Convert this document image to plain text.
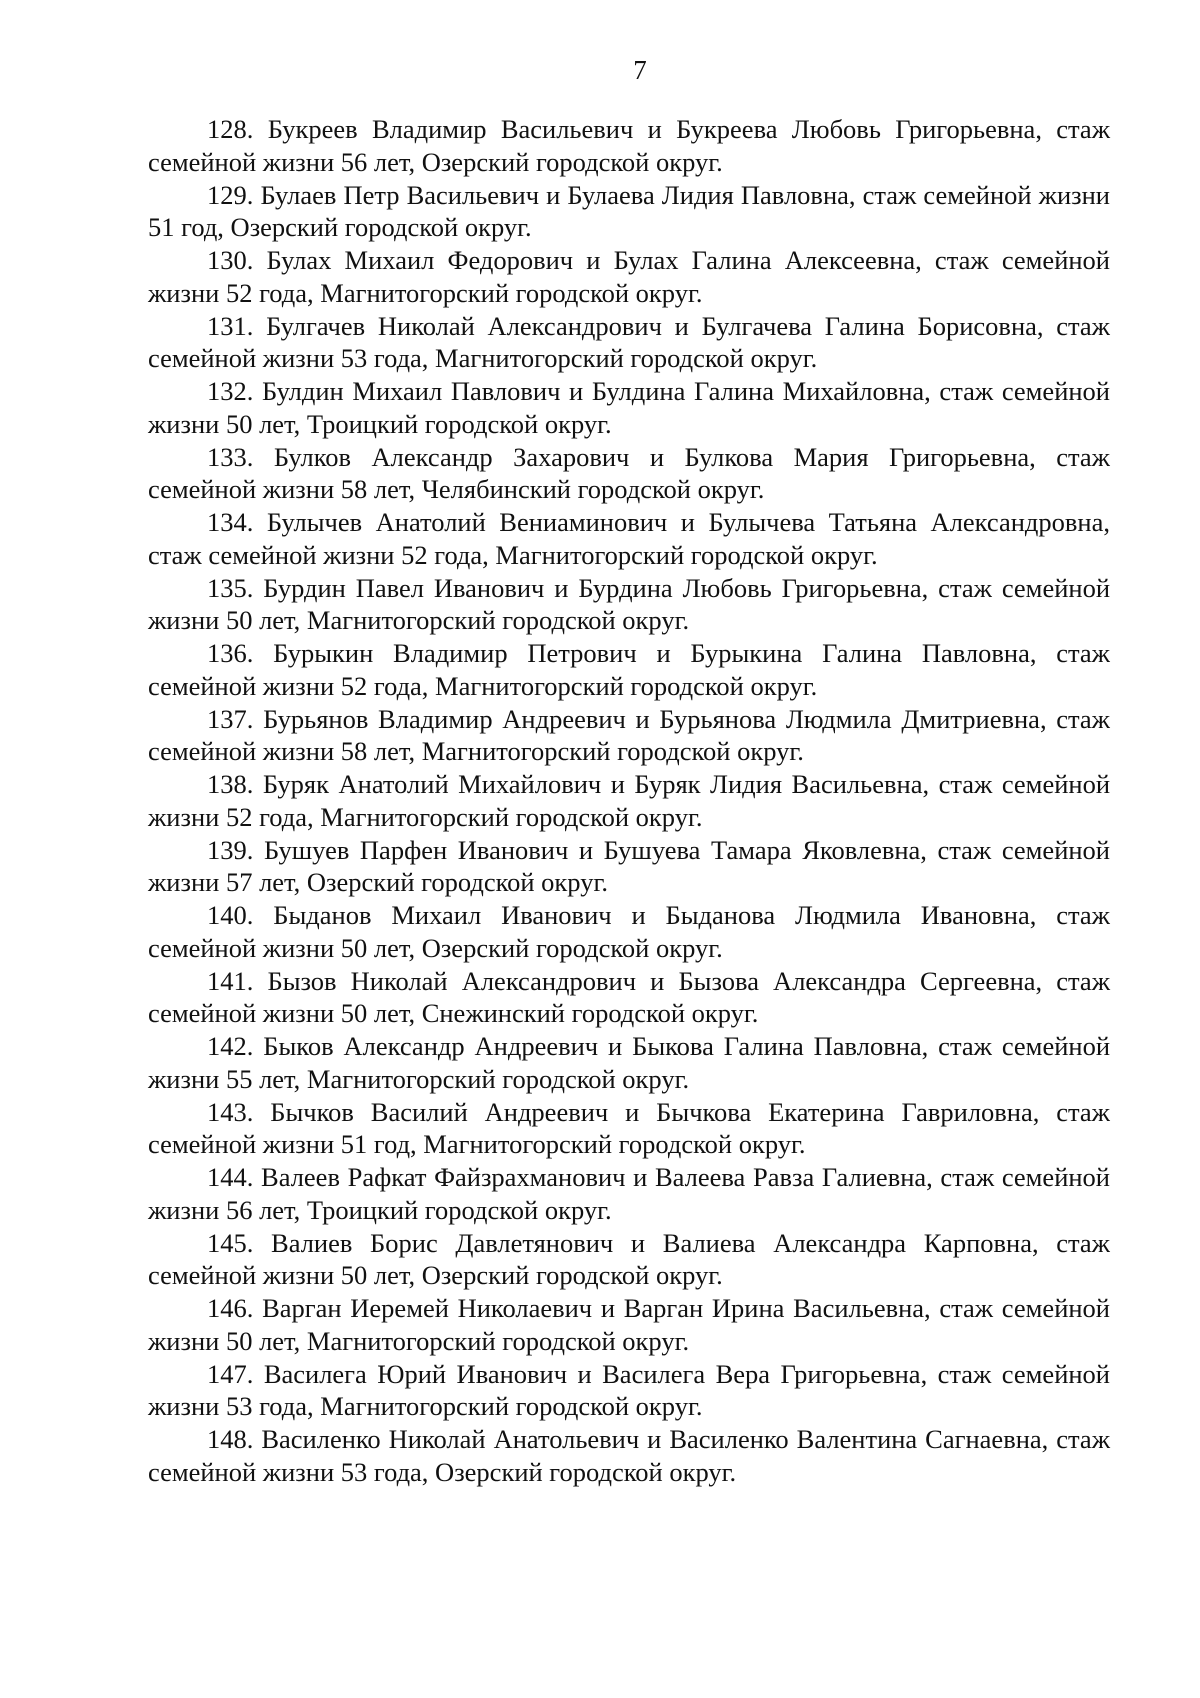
7

128. Букреев Владимир Васильевич и Букреева Любовь Григорьевна, стаж семейной жизни 56 лет, Озерский городской округ.

129. Булаев Петр Васильевич и Булаева Лидия Павловна, стаж семейной жизни 51 год, Озерский городской округ.

130. Булах Михаил Федорович и Булах Галина Алексеевна, стаж семейной жизни 52 года, Магнитогорский городской округ.

131. Булгачев Николай Александрович и Булгачева Галина Борисовна, стаж семейной жизни 53 года, Магнитогорский городской округ.

132. Булдин Михаил Павлович и Булдина Галина Михайловна, стаж семейной жизни 50 лет, Троицкий городской округ.

133. Булков Александр Захарович и Булкова Мария Григорьевна, стаж семейной жизни 58 лет, Челябинский городской округ.

134. Булычев Анатолий Вениаминович и Булычева Татьяна Александровна, стаж семейной жизни 52 года, Магнитогорский городской округ.

135. Бурдин Павел Иванович и Бурдина Любовь Григорьевна, стаж семейной жизни 50 лет, Магнитогорский городской округ.

136. Бурыкин Владимир Петрович и Бурыкина Галина Павловна, стаж семейной жизни 52 года, Магнитогорский городской округ.

137. Бурьянов Владимир Андреевич и Бурьянова Людмила Дмитриевна, стаж семейной жизни 58 лет, Магнитогорский городской округ.

138. Буряк Анатолий Михайлович и Буряк Лидия Васильевна, стаж семейной жизни 52 года, Магнитогорский городской округ.

139. Бушуев Парфен Иванович и Бушуева Тамара Яковлевна, стаж семейной жизни 57 лет, Озерский городской округ.

140. Быданов Михаил Иванович и Быданова Людмила Ивановна, стаж семейной жизни 50 лет, Озерский городской округ.

141. Бызов Николай Александрович и Бызова Александра Сергеевна, стаж семейной жизни 50 лет, Снежинский городской округ.

142. Быков Александр Андреевич и Быкова Галина Павловна, стаж семейной жизни 55 лет, Магнитогорский городской округ.

143. Бычков Василий Андреевич и Бычкова Екатерина Гавриловна, стаж семейной жизни 51 год, Магнитогорский городской округ.

144. Валеев Рафкат Файзрахманович и Валеева Равза Галиевна, стаж семейной жизни 56 лет, Троицкий городской округ.

145. Валиев Борис Давлетянович и Валиева Александра Карповна, стаж семейной жизни 50 лет, Озерский городской округ.

146. Варган Иеремей Николаевич и Варган Ирина Васильевна, стаж семейной жизни 50 лет, Магнитогорский городской округ.

147. Василега Юрий Иванович и Василега Вера Григорьевна, стаж семейной жизни 53 года, Магнитогорский городской округ.

148. Василенко Николай Анатольевич и Василенко Валентина Сагнаевна, стаж семейной жизни 53 года, Озерский городской округ.
